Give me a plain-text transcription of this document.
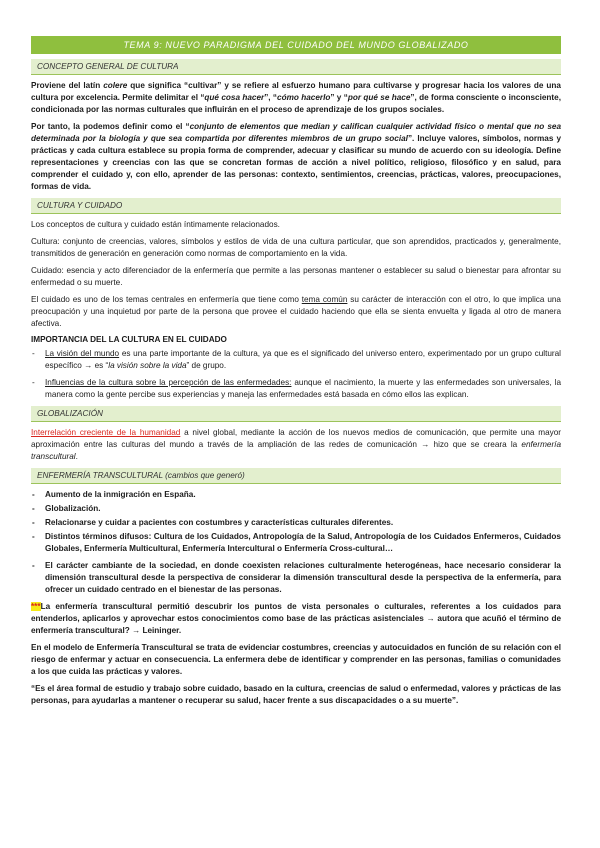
TEMA 9: NUEVO PARADIGMA DEL CUIDADO DEL MUNDO GLOBALIZADO
CONCEPTO GENERAL DE CULTURA

Proviene del latín colere que significa “cultivar” y se refiere al esfuerzo humano para cultivarse y progresar hacia los valores de una cultura por excelencia. Permite delimitar el “qué cosa hacer”, “cómo hacerlo” y “por qué se hace”, de forma consciente o inconsciente, condicionada por las normas culturales que influirán en el proceso de aprendizaje de los grupos sociales.

Por tanto, la podemos definir como el “conjunto de elementos que median y califican cualquier actividad físico o mental que no sea determinada por la biología y que sea compartida por diferentes miembros de un grupo social”. Incluye valores, símbolos, normas y prácticas y cada cultura establece su propia forma de comprender, adecuar y clasificar su mundo de acuerdo con su ideología. Define representaciones y creencias con las que se concretan formas de acción a nivel político, religioso, filosófico y en salud, para comprender el cuidado y, con ello, aprender de las personas: contexto, sentimientos, creencias, prácticas, valores, preocupaciones, formas de vida.

CULTURA Y CUIDADO

Los conceptos de cultura y cuidado están íntimamente relacionados.

Cultura: conjunto de creencias, valores, símbolos y estilos de vida de una cultura particular, que son aprendidos, practicados y, generalmente, transmitidos de generación en generación como normas de comportamiento en la vida.

Cuidado: esencia y acto diferenciador de la enfermería que permite a las personas mantener o establecer su salud o bienestar para afrontar su enfermedad o su muerte.

El cuidado es uno de los temas centrales en enfermería que tiene como tema común su carácter de interacción con el otro, lo que implica una preocupación y una inquietud por parte de la persona que provee el cuidado haciendo que ella se sienta envuelta y ligada al otro de manera afectiva.

IMPORTANCIA DEL LA CULTURA EN EL CUIDADO
- La visión del mundo es una parte importante de la cultura, ya que es el significado del universo entero, experimentado por un grupo cultural específico → es “la visión sobre la vida” de grupo.
- Influencias de la cultura sobre la percepción de las enfermedades: aunque el nacimiento, la muerte y las enfermedades son universales, la manera como la gente percibe sus experiencias y maneja las enfermedades está basada en cómo ellos las explican.
GLOBALIZACIÓN

Interrelación creciente de la humanidad a nivel global, mediante la acción de los nuevos medios de comunicación, que permite una mayor aproximación entre las culturas del mundo a través de la ampliación de las redes de comunicación → hizo que se creara la enfermería transcultural.

ENFERMERÍA TRANSCULTURAL (cambios que generó)
- Aumento de la inmigración en España.
- Globalización.
- Relacionarse y cuidar a pacientes con costumbres y características culturales diferentes.
- Distintos términos difusos: Cultura de los Cuidados, Antropología de la Salud, Antropología de los Cuidados Enfermeros, Cuidados Globales, Enfermería Multicultural, Enfermería Intercultural o Enfermería Cross-cultural…
- El carácter cambiante de la sociedad, en donde coexisten relaciones culturalmente heterogéneas, hace necesario considerar la dimensión transcultural desde la perspectiva de considerar la dimensión transcultural desde la perspectiva de la enfermería, para ofrecer un cuidado centrado en el bienestar de las personas.

***La enfermería transcultural permitió descubrir los puntos de vista personales o culturales, referentes a los cuidados para entenderlos, aplicarlos y aprovechar estos conocimientos como base de las prácticas asistenciales → autora que acuñó el término de enfermería transcultural? → Leininger.

En el modelo de Enfermería Transcultural se trata de evidenciar costumbres, creencias y autocuidados en función de su relación con el riesgo de enfermar y actuar en consecuencia. La enfermera debe de identificar y comprender en las personas, familias o comunidades a los que cuida las prácticas y valores.

“Es el área formal de estudio y trabajo sobre cuidado, basado en la cultura, creencias de salud o enfermedad, valores y prácticas de las personas, para ayudarlas a mantener o recuperar su salud, hacer frente a sus discapacidades o a su muerte”.
